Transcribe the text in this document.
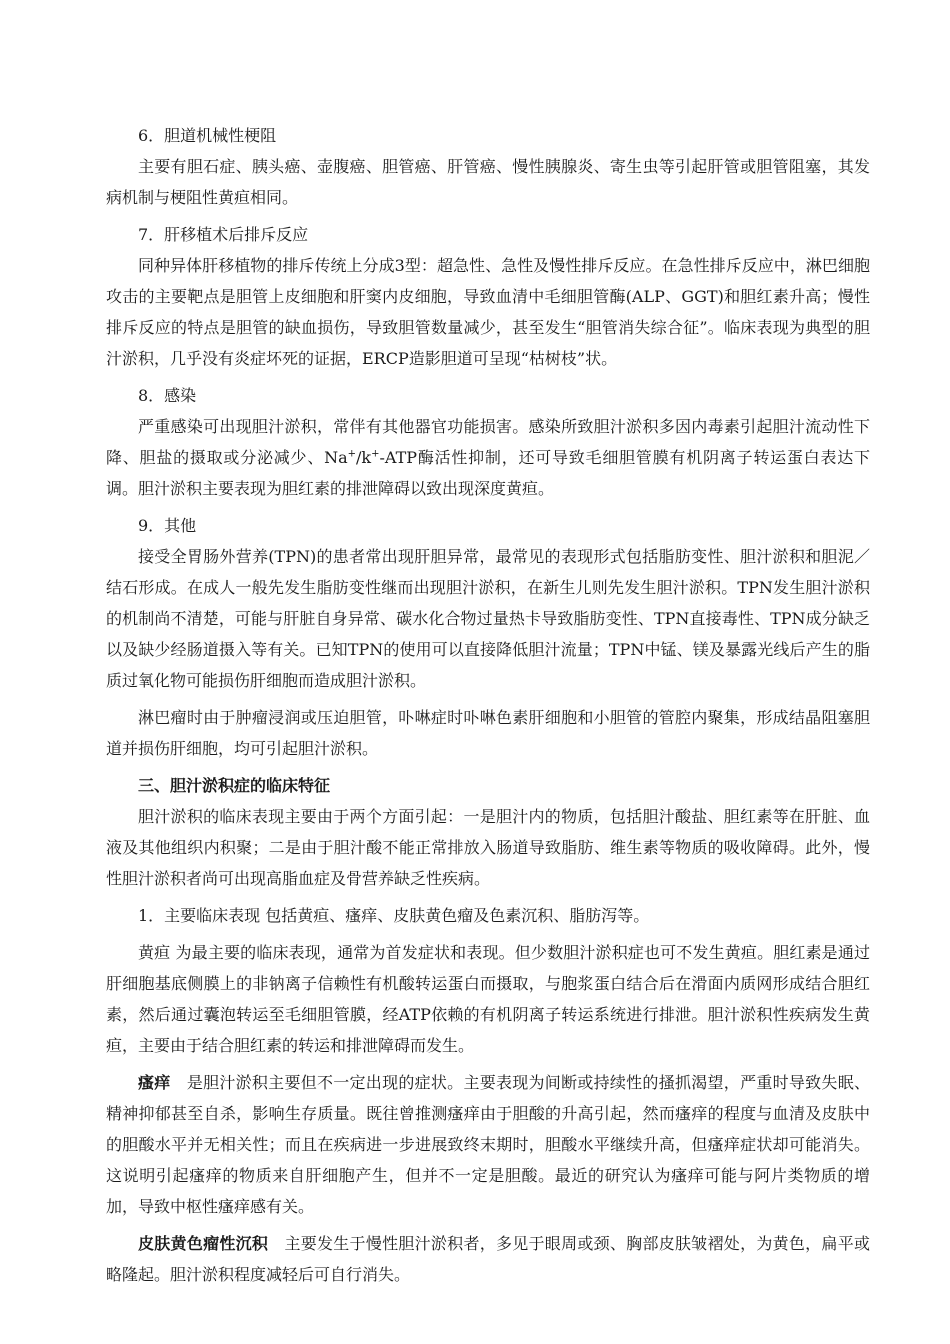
6．胆道机械性梗阻

主要有胆石症、胰头癌、壶腹癌、胆管癌、肝管癌、慢性胰腺炎、寄生虫等引起肝管或胆管阻塞，其发病机制与梗阻性黄疸相同。

7．肝移植术后排斥反应

同种异体肝移植物的排斥传统上分成3型：超急性、急性及慢性排斥反应。在急性排斥反应中，淋巴细胞攻击的主要靶点是胆管上皮细胞和肝窦内皮细胞，导致血清中毛细胆管酶(ALP、GGT)和胆红素升高；慢性排斥反应的特点是胆管的缺血损伤，导致胆管数量减少，甚至发生“胆管消失综合征”。临床表现为典型的胆汁淤积，几乎没有炎症坏死的证据，ERCP造影胆道可呈现“枯树枝”状。

8．感染

严重感染可出现胆汁淤积，常伴有其他器官功能损害。感染所致胆汁淤积多因内毒素引起胆汁流动性下降、胆盐的摄取或分泌减少、Na+/k+-ATP酶活性抑制，还可导致毛细胆管膜有机阴离子转运蛋白表达下调。胆汁淤积主要表现为胆红素的排泄障碍以致出现深度黄疸。

9．其他

接受全胃肠外营养(TPN)的患者常出现肝胆异常，最常见的表现形式包括脂肪变性、胆汁淤积和胆泥／结石形成。在成人一般先发生脂肪变性继而出现胆汁淤积，在新生儿则先发生胆汁淤积。TPN发生胆汁淤积的机制尚不清楚，可能与肝脏自身异常、碳水化合物过量热卡导致脂肪变性、TPN直接毒性、TPN成分缺乏以及缺少经肠道摄入等有关。已知TPN的使用可以直接降低胆汁流量；TPN中锰、镁及暴露光线后产生的脂质过氧化物可能损伤肝细胞而造成胆汁淤积。

淋巴瘤时由于肿瘤浸润或压迫胆管，卟啉症时卟啉色素肝细胞和小胆管的管腔内聚集，形成结晶阻塞胆道并损伤肝细胞，均可引起胆汁淤积。

三、胆汁淤积症的临床特征

胆汁淤积的临床表现主要由于两个方面引起：一是胆汁内的物质，包括胆汁酸盐、胆红素等在肝脏、血液及其他组织内积聚；二是由于胆汁酸不能正常排放入肠道导致脂肪、维生素等物质的吸收障碍。此外，慢性胆汁淤积者尚可出现高脂血症及骨营养缺乏性疾病。

1．主要临床表现 包括黄疸、瘙痒、皮肤黄色瘤及色素沉积、脂肪泻等。

黄疸 为最主要的临床表现，通常为首发症状和表现。但少数胆汁淤积症也可不发生黄疸。胆红素是通过肝细胞基底侧膜上的非钠离子信赖性有机酸转运蛋白而摄取，与胞浆蛋白结合后在滑面内质网形成结合胆红素，然后通过囊泡转运至毛细胆管膜，经ATP依赖的有机阴离子转运系统进行排泄。胆汁淤积性疾病发生黄疸，主要由于结合胆红素的转运和排泄障碍而发生。

瘙痒　是胆汁淤积主要但不一定出现的症状。主要表现为间断或持续性的搔抓渴望，严重时导致失眠、精神抑郁甚至自杀，影响生存质量。既往曾推测瘙痒由于胆酸的升高引起，然而瘙痒的程度与血清及皮肤中的胆酸水平并无相关性；而且在疾病进一步进展致终末期时，胆酸水平继续升高，但瘙痒症状却可能消失。这说明引起瘙痒的物质来自肝细胞产生，但并不一定是胆酸。最近的研究认为瘙痒可能与阿片类物质的增加，导致中枢性瘙痒感有关。

皮肤黄色瘤性沉积　主要发生于慢性胆汁淤积者，多见于眼周或颈、胸部皮肤皱褶处，为黄色，扁平或略隆起。胆汁淤积程度减轻后可自行消失。
